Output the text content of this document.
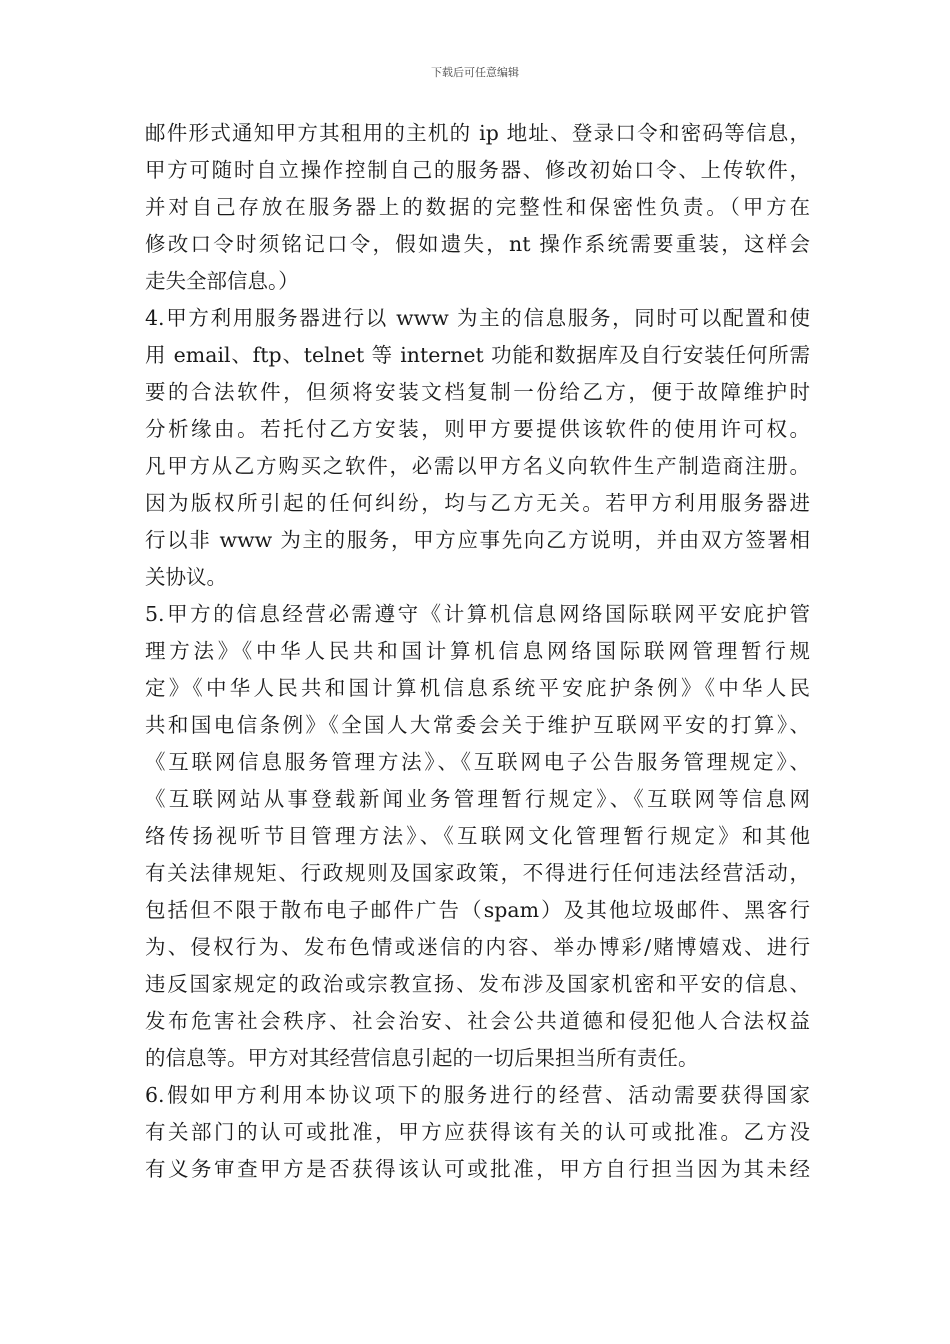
下载后可任意编辑
邮件形式通知甲方其租用的主机的 ip 地址、登录口令和密码等信息，
甲方可随时自立操作控制自己的服务器、修改初始口令、上传软件，
并对自己存放在服务器上的数据的完整性和保密性负责。（甲方在
修改口令时须铭记口令，假如遗失，nt 操作系统需要重装，这样会
走失全部信息。）
4.甲方利用服务器进行以 www 为主的信息服务，同时可以配置和使
用 email、ftp、telnet 等 internet 功能和数据库及自行安装任何所需
要的合法软件，但须将安装文档复制一份给乙方，便于故障维护时
分析缘由。若托付乙方安装，则甲方要提供该软件的使用许可权。
凡甲方从乙方购买之软件，必需以甲方名义向软件生产制造商注册。
因为版权所引起的任何纠纷，均与乙方无关。若甲方利用服务器进
行以非 www 为主的服务，甲方应事先向乙方说明，并由双方签署相
关协议。
5.甲方的信息经营必需遵守《计算机信息网络国际联网平安庇护管
理方法》《中华人民共和国计算机信息网络国际联网管理暂行规
定》《中华人民共和国计算机信息系统平安庇护条例》《中华人民
共和国电信条例》《全国人大常委会关于维护互联网平安的打算》、
《互联网信息服务管理方法》、《互联网电子公告服务管理规定》、
《互联网站从事登载新闻业务管理暂行规定》、《互联网等信息网
络传扬视听节目管理方法》、《互联网文化管理暂行规定》和其他
有关法律规矩、行政规则及国家政策，不得进行任何违法经营活动，
包括但不限于散布电子邮件广告（spam）及其他垃圾邮件、黑客行
为、侵权行为、发布色情或迷信的内容、举办博彩/赌博嬉戏、进行
违反国家规定的政治或宗教宣扬、发布涉及国家机密和平安的信息、
发布危害社会秩序、社会治安、社会公共道德和侵犯他人合法权益
的信息等。甲方对其经营信息引起的一切后果担当所有责任。
6.假如甲方利用本协议项下的服务进行的经营、活动需要获得国家
有关部门的认可或批准，甲方应获得该有关的认可或批准。乙方没
有义务审查甲方是否获得该认可或批准，甲方自行担当因为其未经
